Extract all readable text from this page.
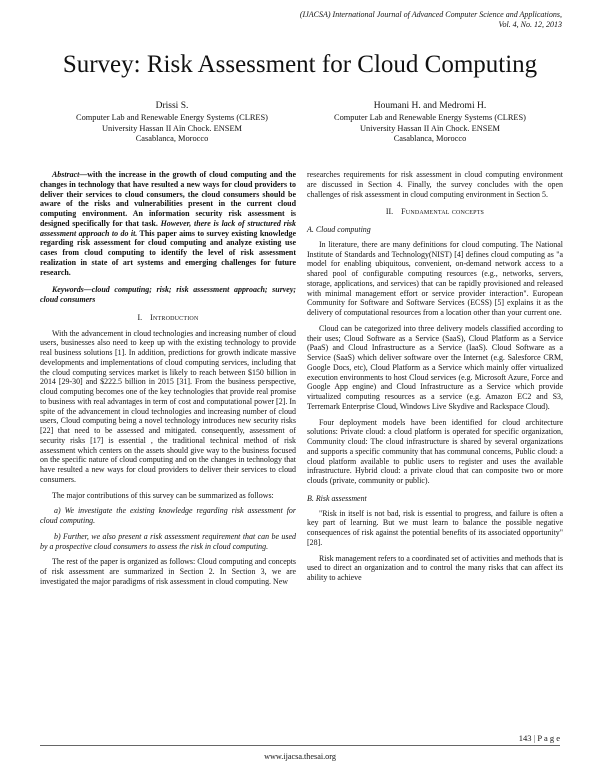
(IJACSA) International Journal of Advanced Computer Science and Applications,
Vol. 4, No. 12, 2013
Survey: Risk Assessment for Cloud Computing
Drissi S.
Computer Lab and Renewable Energy Systems (CLRES)
University Hassan II Aïn Chock. ENSEM
Casablanca, Morocco
Houmani H. and Medromi H.
Computer Lab and Renewable Energy Systems (CLRES)
University Hassan II Aïn Chock. ENSEM
Casablanca, Morocco

Abstract—with the increase in the growth of cloud computing and the changes in technology that have resulted a new ways for cloud providers to deliver their services to cloud consumers, the cloud consumers should be aware of the risks and vulnerabilities present in the current cloud computing environment. An information security risk assessment is designed specifically for that task. However, there is lack of structured risk assessment approach to do it. This paper aims to survey existing knowledge regarding risk assessment for cloud computing and analyze existing use cases from cloud computing to identify the level of risk assessment realization in state of art systems and emerging challenges for future research.

Keywords—cloud computing; risk; risk assessment approach; survey; cloud consumers

I. Introduction

With the advancement in cloud technologies and increasing number of cloud users, businesses also need to keep up with the existing technology to provide real business solutions [1]. In addition, predictions for growth indicate massive developments and implementations of cloud computing services, including that the cloud computing services market is likely to reach between $150 billion in 2014 [29-30] and $222.5 billion in 2015 [31]. From the business perspective, cloud computing becomes one of the key technologies that provide real promise to business with real advantages in term of cost and computational power [2]. In spite of the advancement in cloud technologies and increasing number of cloud users, Cloud computing being a novel technology introduces new security risks [22] that need to be assessed and mitigated. consequently, assessment of security risks [17] is essential , the traditional technical method of risk assessment which centers on the assets should give way to the business focused on the specific nature of cloud computing and on the changes in technology that have resulted a new ways for cloud providers to deliver their services to cloud consumers.

The major contributions of this survey can be summarized as follows:

a) We investigate the existing knowledge regarding risk assessment for cloud computing.

b) Further, we also present a risk assessment requirement that can be used by a prospective cloud consumers to assess the risk in cloud computing.

The rest of the paper is organized as follows: Cloud computing and concepts of risk assessment are summarized in Section 2. In Section 3, we are investigated the major paradigms of risk assessment in cloud computing. New

researches requirements for risk assessment in cloud computing environment are discussed in Section 4. Finally, the survey concludes with the open challenges of risk assessment in cloud computing environment in Section 5.

II. Fundamental concepts
A. Cloud computing

In literature, there are many definitions for cloud computing. The National Institute of Standards and Technology(NIST) [4] defines cloud computing as "a model for enabling ubiquitous, convenient, on-demand network access to a shared pool of configurable computing resources (e.g., networks, servers, storage, applications, and services) that can be rapidly provisioned and released with minimal management effort or service provider interaction". European Community for Software and Software Services (ECSS) [5] explains it as the delivery of computational resources from a location other than your current one.

Cloud can be categorized into three delivery models classified according to their uses; Cloud Software as a Service (SaaS), Cloud Platform as a Service (PaaS) and Cloud Infrastructure as a Service (IaaS). Cloud Software as a Service (SaaS) which deliver software over the Internet (e.g. Salesforce CRM, Google Docs, etc), Cloud Platform as a Service which mainly offer virtualized execution environments to host Cloud services (e.g. Microsoft Azure, Force and Google App engine) and Cloud Infrastructure as a Service which provide virtualized computing resources as a service (e.g. Amazon EC2 and S3, Terremark Enterprise Cloud, Windows Live Skydive and Rackspace Cloud).

Four deployment models have been identified for cloud architecture solutions: Private cloud: a cloud platform is operated for specific organization, Community cloud: The cloud infrastructure is shared by several organizations and supports a specific community that has communal concerns, Public cloud: a cloud platform available to public users to register and uses the available infrastructure. Hybrid cloud: a private cloud that can composite two or more clouds (private, community or public).

B. Risk assessment

"Risk in itself is not bad, risk is essential to progress, and failure is often a key part of learning. But we must learn to balance the possible negative consequences of risk against the potential benefits of its associated opportunity" [28].

Risk management refers to a coordinated set of activities and methods that is used to direct an organization and to control the many risks that can affect its ability to achieve

143 | P a g e
www.ijacsa.thesai.org
